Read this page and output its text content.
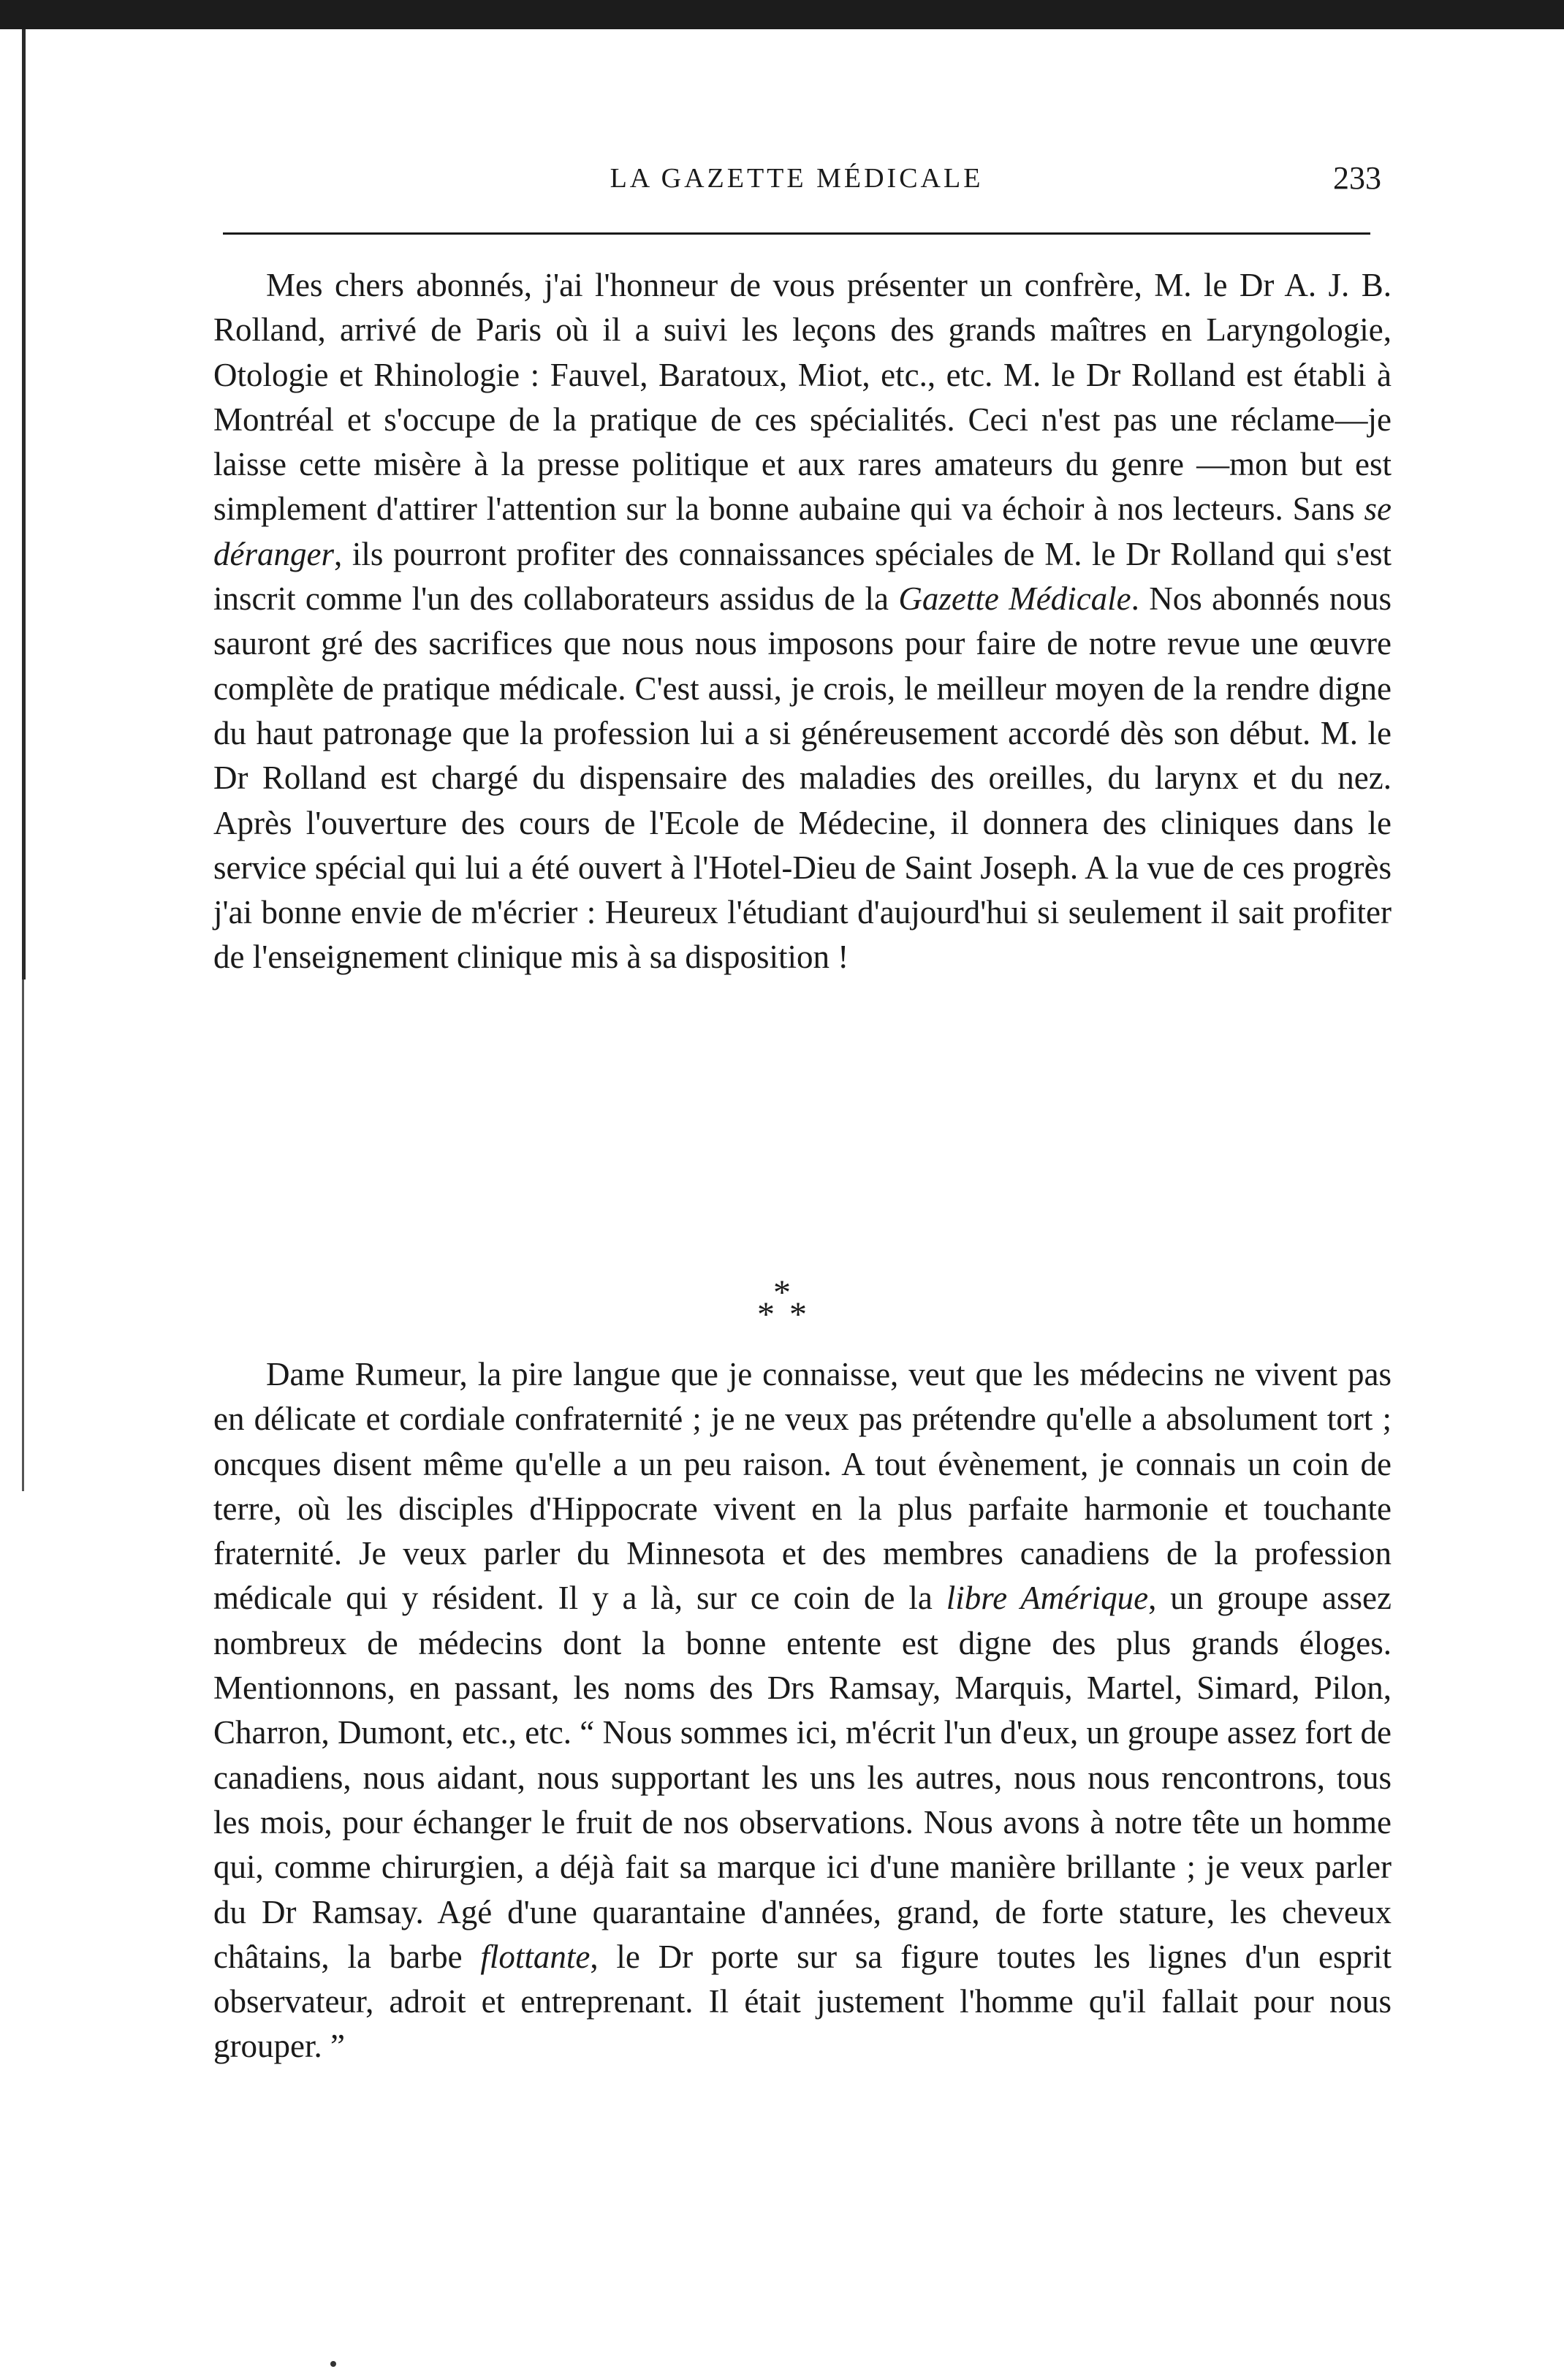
LA GAZETTE MÉDICALE	233

Mes chers abonnés, j'ai l'honneur de vous présenter un confrère, M. le Dr A. J. B. Rolland, arrivé de Paris où il a suivi les leçons des grands maîtres en Laryngologie, Otologie et Rhinologie : Fauvel, Baratoux, Miot, etc., etc. M. le Dr Rolland est établi à Montréal et s'occupe de la pratique de ces spécialités. Ceci n'est pas une réclame—je laisse cette misère à la presse politique et aux rares amateurs du genre —mon but est simplement d'attirer l'attention sur la bonne aubaine qui va échoir à nos lecteurs. Sans se déranger, ils pourront profiter des connaissances spéciales de M. le Dr Rolland qui s'est inscrit comme l'un des collaborateurs assidus de la Gazette Médicale. Nos abonnés nous sauront gré des sacrifices que nous nous imposons pour faire de notre revue une œuvre complète de pratique médicale. C'est aussi, je crois, le meilleur moyen de la rendre digne du haut patronage que la profession lui a si généreusement accordé dès son début. M. le Dr Rolland est chargé du dispensaire des maladies des oreilles, du larynx et du nez. Après l'ouverture des cours de l'Ecole de Médecine, il donnera des cliniques dans le service spécial qui lui a été ouvert à l'Hotel-Dieu de Saint Joseph. A la vue de ces progrès j'ai bonne envie de m'écrier : Heureux l'étudiant d'aujourd'hui si seulement il sait profiter de l'enseignement clinique mis à sa disposition !

*
* *

Dame Rumeur, la pire langue que je connaisse, veut que les médecins ne vivent pas en délicate et cordiale confraternité ; je ne veux pas prétendre qu'elle a absolument tort ; oncques disent même qu'elle a un peu raison. A tout évènement, je connais un coin de terre, où les disciples d'Hippocrate vivent en la plus parfaite harmonie et touchante fraternité. Je veux parler du Minnesota et des membres canadiens de la profession médicale qui y résident. Il y a là, sur ce coin de la libre Amérique, un groupe assez nombreux de médecins dont la bonne entente est digne des plus grands éloges. Mentionnons, en passant, les noms des Drs Ramsay, Marquis, Martel, Simard, Pilon, Charron, Dumont, etc., etc. “ Nous sommes ici, m'écrit l'un d'eux, un groupe assez fort de canadiens, nous aidant, nous supportant les uns les autres, nous nous rencontrons, tous les mois, pour échanger le fruit de nos observations. Nous avons à notre tête un homme qui, comme chirurgien, a déjà fait sa marque ici d'une manière brillante ; je veux parler du Dr Ramsay. Agé d'une quarantaine d'années, grand, de forte stature, les cheveux châtains, la barbe flottante, le Dr porte sur sa figure toutes les lignes d'un esprit observateur, adroit et entreprenant. Il était justement l'homme qu'il fallait pour nous grouper. ”
